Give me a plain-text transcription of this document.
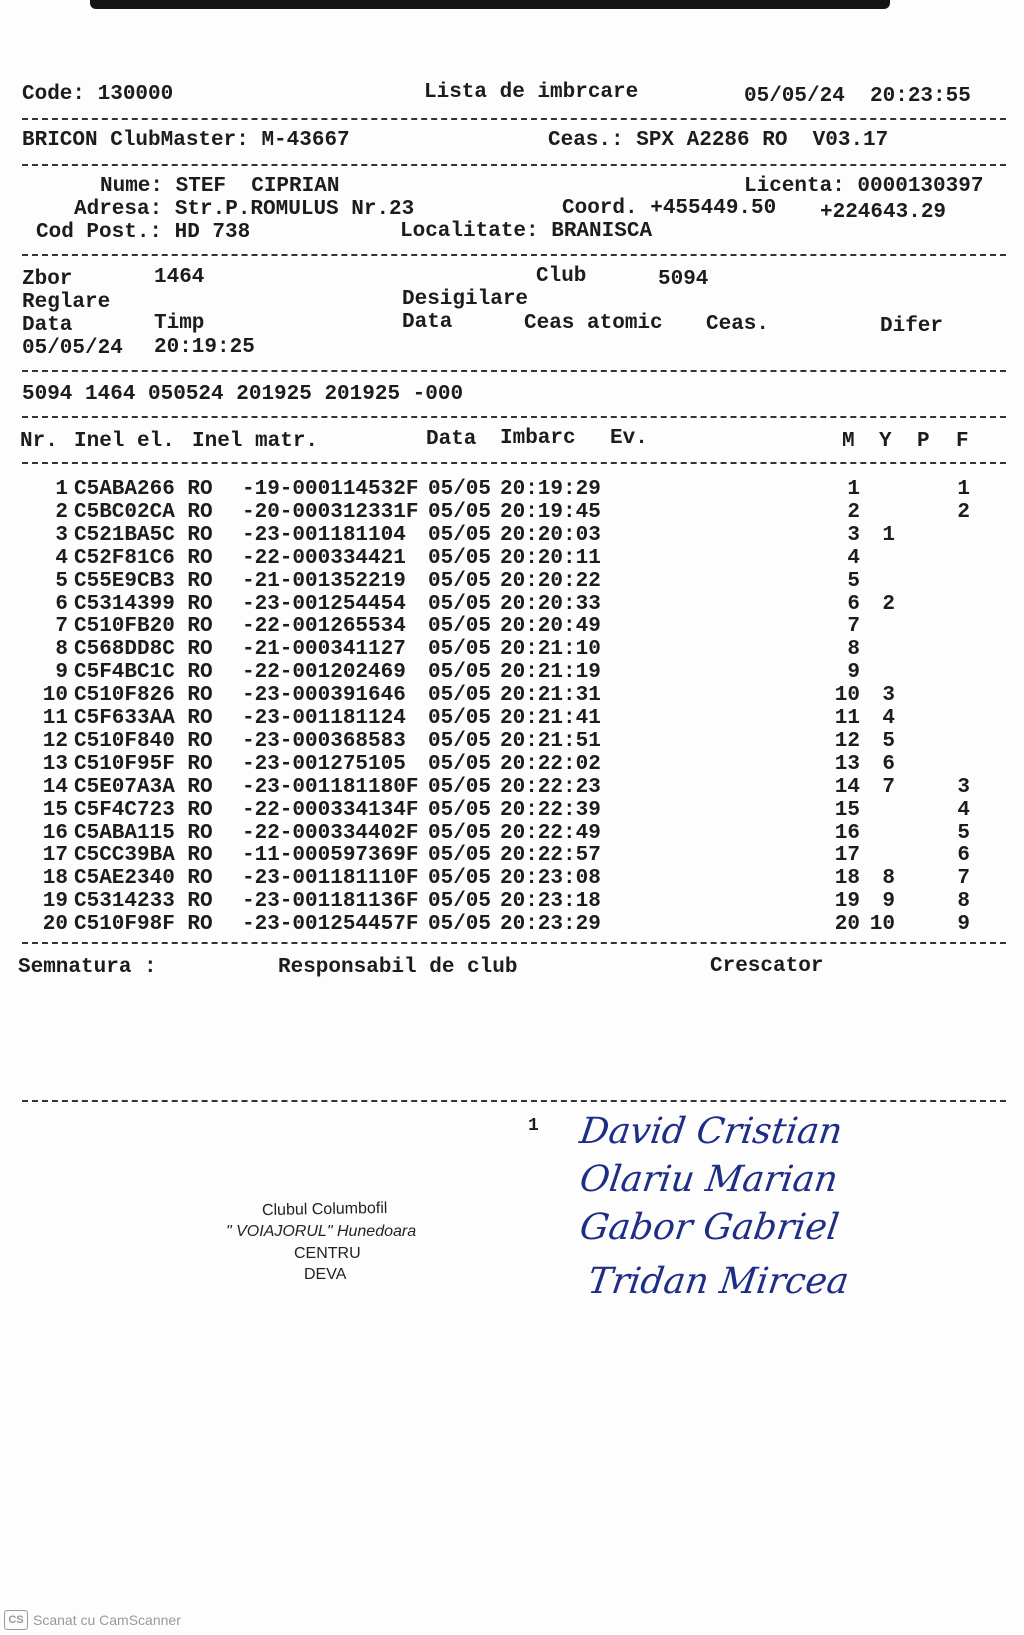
Code: 130000	Lista de imbrcare	05/05/24  20:23:55
BRICON ClubMaster: M-43667	Ceas.: SPX A2286 RO  V03.17
Nume: STEF  CIPRIAN	Licenta: 0000130397
Adresa: Str.P.ROMULUS Nr.23	Coord. +455449.50 +224643.29
Cod Post.: HD 738	Localitate: BRANISCA
Zbor	1464	Club	5094
Reglare	Desigilare
Data	Timp	Data	Ceas atomic Ceas.	Difer
05/05/24 20:19:25
5094 1464 050524 201925 201925 -000
Nr. Inel el. Inel matr.	Data Imbarc Ev.	M Y P F
1 C5ABA266 RO -19-000114532F 05/05 20:19:29	1	1
2 C5BC02CA RO -20-000312331F 05/05 20:19:45	2	2
3 C521BA5C RO -23-001181104 05/05 20:20:03	3 1
4 C52F81C6 RO -22-000334421 05/05 20:20:11	4
5 C55E9CB3 RO -21-001352219 05/05 20:20:22	5
6 C5314399 RO -23-001254454 05/05 20:20:33	6 2
7 C510FB20 RO -22-001265534 05/05 20:20:49	7
8 C568DD8C RO -21-000341127 05/05 20:21:10	8
9 C5F4BC1C RO -22-001202469 05/05 20:21:19	9
10 C510F826 RO -23-000391646 05/05 20:21:31	10 3
11 C5F633AA RO -23-001181124 05/05 20:21:41	11 4
12 C510F840 RO -23-000368583 05/05 20:21:51	12 5
13 C510F95F RO -23-001275105 05/05 20:22:02	13 6
14 C5E07A3A RO -23-001181180F 05/05 20:22:23	14 7	3
15 C5F4C723 RO -22-000334134F 05/05 20:22:39	15	4
16 C5ABA115 RO -22-000334402F 05/05 20:22:49	16	5
17 C5CC39BA RO -11-000597369F 05/05 20:22:57	17	6
18 C5AE2340 RO -23-001181110F 05/05 20:23:08	18 8	7
19 C5314233 RO -23-001181136F 05/05 20:23:18	19 9	8
20 C510F98F RO -23-001254457F 05/05 20:23:29	20 10	9
Semnatura :	Responsabil de club	Crescator
1
Clubul Columbofil
" VOIAJORUL" Hunedoara
CENTRU
DEVA
David Cristian
Olariu Marian
Gabor Gabriel
Tridan Mircea
CS Scanat cu CamScanner
